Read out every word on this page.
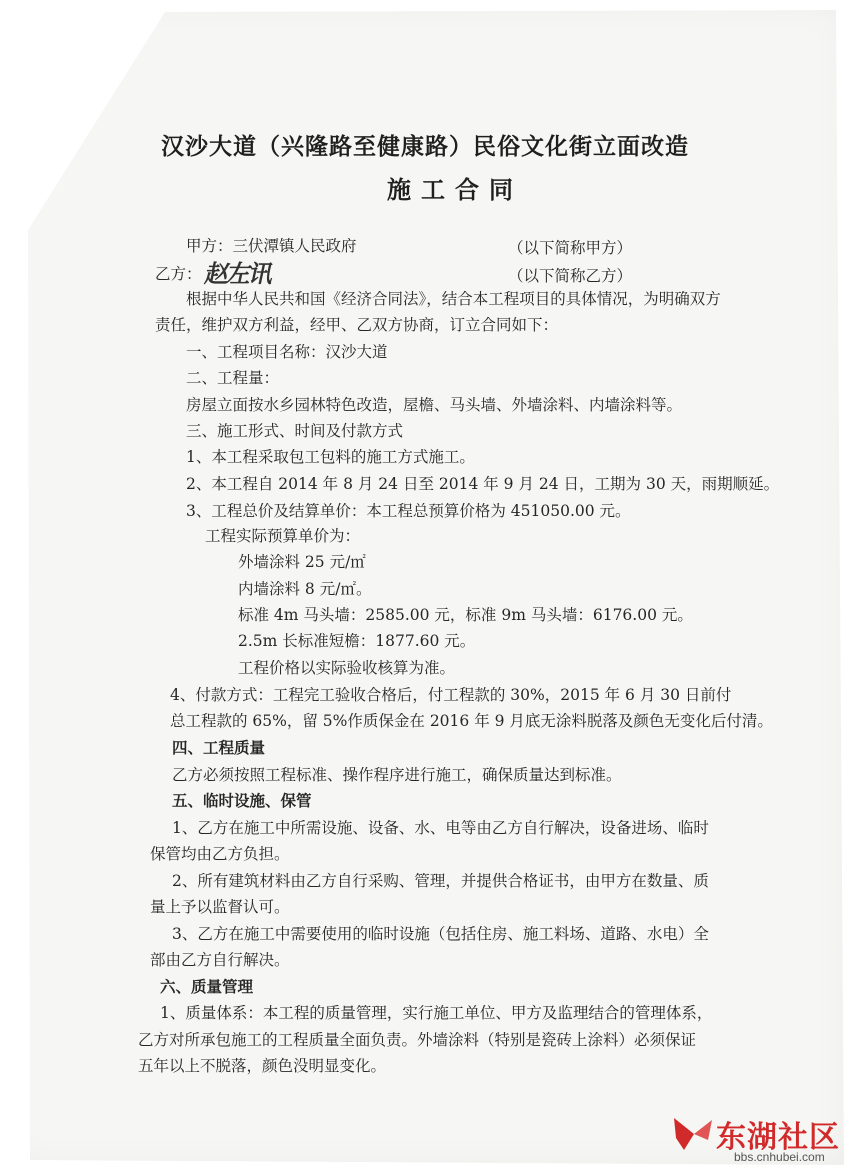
汉沙大道（兴隆路至健康路）民俗文化街立面改造
施工合同
甲方：三伏潭镇人民政府	（以下简称甲方）
乙方： 赵左讯	（以下简称乙方）
根据中华人民共和国《经济合同法》，结合本工程项目的具体情况，为明确双方
责任，维护双方利益，经甲、乙双方协商，订立合同如下：
一、工程项目名称：汉沙大道
二、工程量：
房屋立面按水乡园林特色改造，屋檐、马头墙、外墙涂料、内墙涂料等。
三、施工形式、时间及付款方式
1、本工程采取包工包料的施工方式施工。
2、本工程自 2014 年 8 月 24 日至 2014 年 9 月 24 日，工期为 30 天，雨期顺延。
3、工程总价及结算单价：本工程总预算价格为 451050.00 元。
工程实际预算单价为：
外墙涂料 25 元/㎡
内墙涂料 8 元/㎡。
标准 4m 马头墙：2585.00 元，标准 9m 马头墙：6176.00 元。
2.5m 长标准短檐：1877.60 元。
工程价格以实际验收核算为准。
4、付款方式：工程完工验收合格后，付工程款的 30%，2015 年 6 月 30 日前付
总工程款的 65%，留 5%作质保金在 2016 年 9 月底无涂料脱落及颜色无变化后付清。
四、工程质量
乙方必须按照工程标准、操作程序进行施工，确保质量达到标准。
五、临时设施、保管
1、乙方在施工中所需设施、设备、水、电等由乙方自行解决，设备进场、临时
保管均由乙方负担。
2、所有建筑材料由乙方自行采购、管理，并提供合格证书，由甲方在数量、质
量上予以监督认可。
3、乙方在施工中需要使用的临时设施（包括住房、施工料场、道路、水电）全
部由乙方自行解决。
六、质量管理
1、质量体系：本工程的质量管理，实行施工单位、甲方及监理结合的管理体系，
乙方对所承包施工的工程质量全面负责。外墙涂料（特别是瓷砖上涂料）必须保证
五年以上不脱落，颜色没明显变化。
东湖社区
bbs.cnhubei.com
